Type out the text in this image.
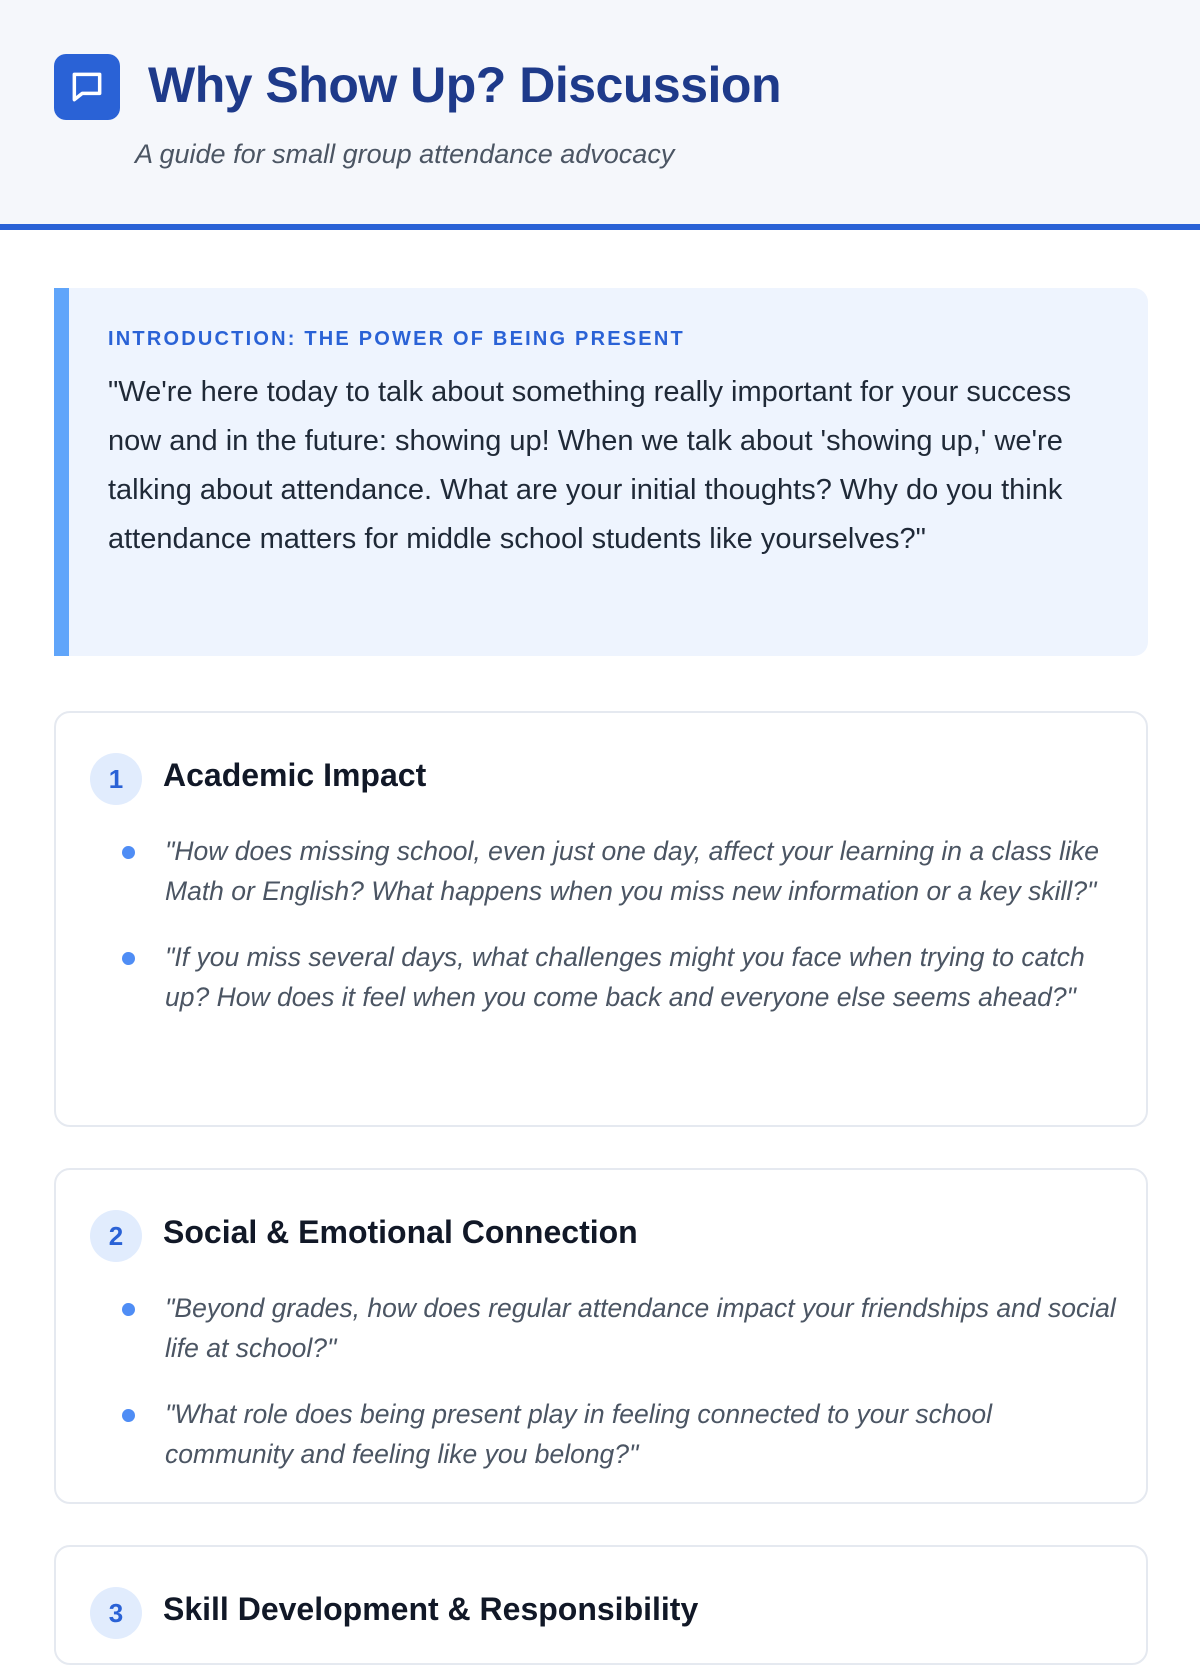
Why Show Up? Discussion
A guide for small group attendance advocacy
INTRODUCTION: THE POWER OF BEING PRESENT
"We're here today to talk about something really important for your success now and in the future: showing up! When we talk about 'showing up,' we're talking about attendance. What are your initial thoughts? Why do you think attendance matters for middle school students like yourselves?"
1	Academic Impact
"How does missing school, even just one day, affect your learning in a class like Math or English? What happens when you miss new information or a key skill?"
"If you miss several days, what challenges might you face when trying to catch up? How does it feel when you come back and everyone else seems ahead?"
2	Social & Emotional Connection
"Beyond grades, how does regular attendance impact your friendships and social life at school?"
"What role does being present play in feeling connected to your school community and feeling like you belong?"
3	Skill Development & Responsibility
